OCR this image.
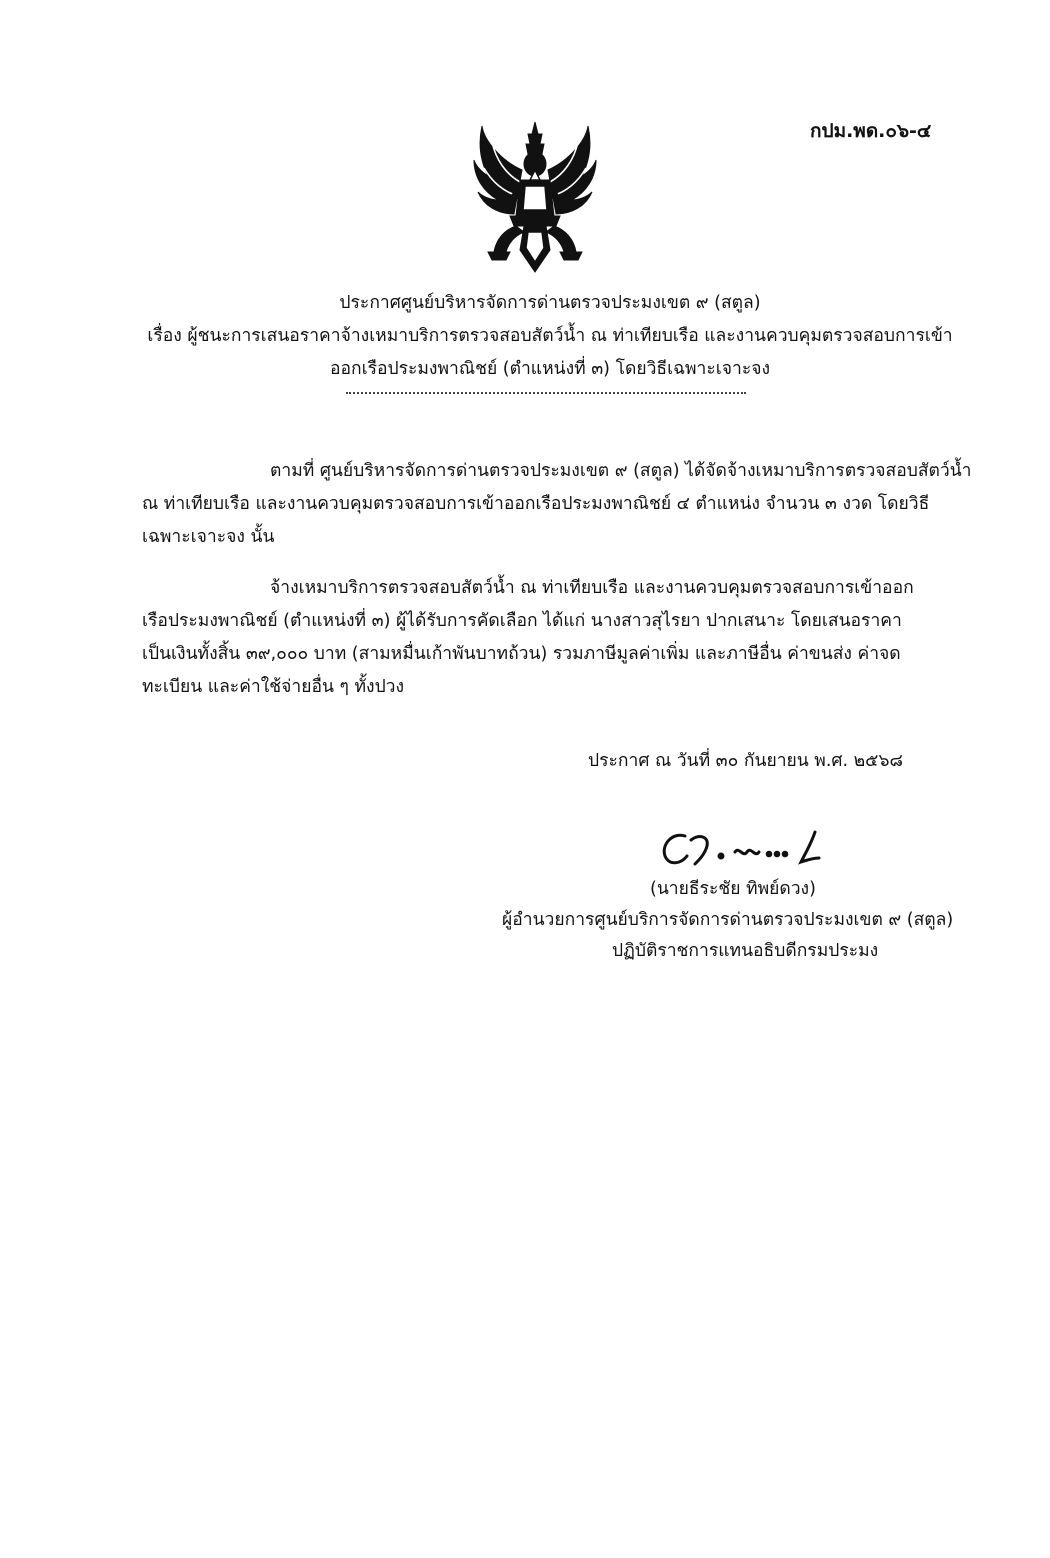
กปม.พด.๐๖-๔
ประกาศศูนย์บริหารจัดการด่านตรวจประมงเขต ๙ (สตูล)
เรื่อง ผู้ชนะการเสนอราคาจ้างเหมาบริการตรวจสอบสัตว์น้ำ ณ ท่าเทียบเรือ และงานควบคุมตรวจสอบการเข้า
ออกเรือประมงพาณิชย์ (ตำแหน่งที่ ๓) โดยวิธีเฉพาะเจาะจง
ตามที่ ศูนย์บริหารจัดการด่านตรวจประมงเขต ๙ (สตูล) ได้จัดจ้างเหมาบริการตรวจสอบสัตว์น้ำ
ณ ท่าเทียบเรือ และงานควบคุมตรวจสอบการเข้าออกเรือประมงพาณิชย์ ๔ ตำแหน่ง จำนวน ๓ งวด โดยวิธี
เฉพาะเจาะจง นั้น
จ้างเหมาบริการตรวจสอบสัตว์น้ำ ณ ท่าเทียบเรือ และงานควบคุมตรวจสอบการเข้าออก
เรือประมงพาณิชย์ (ตำแหน่งที่ ๓) ผู้ได้รับการคัดเลือก ได้แก่ นางสาวสุไรยา ปากเสนาะ โดยเสนอราคา
เป็นเงินทั้งสิ้น ๓๙,๐๐๐ บาท (สามหมื่นเก้าพันบาทถ้วน) รวมภาษีมูลค่าเพิ่ม และภาษีอื่น ค่าขนส่ง ค่าจด
ทะเบียน และค่าใช้จ่ายอื่น ๆ ทั้งปวง
ประกาศ ณ วันที่ ๓๐ กันยายน พ.ศ. ๒๕๖๘
(นายธีระชัย ทิพย์ดวง)
ผู้อำนวยการศูนย์บริการจัดการด่านตรวจประมงเขต ๙ (สตูล)
ปฏิบัติราชการแทนอธิบดีกรมประมง
